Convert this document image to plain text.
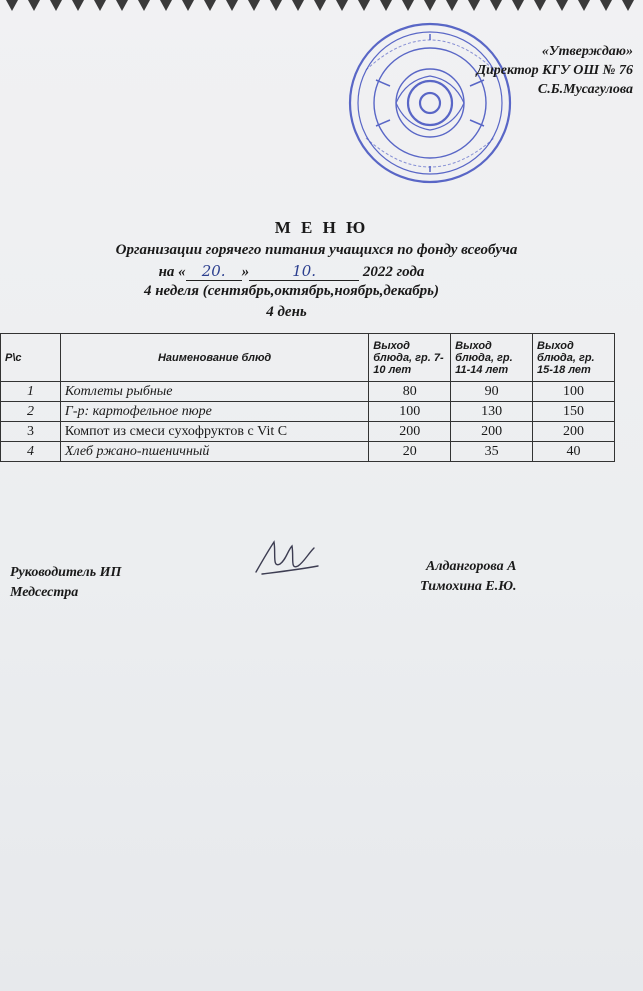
«Утверждаю»
Директор КГУ ОШ № 76
С.Б.Мусагулова
М Е Н Ю
Организации горячего питания учащихся по фонду всеобуча
на « 20. »	10.	2022 года
4 неделя (сентябрь,октябрь,ноябрь,декабрь)
4 день
Р\с	Наименование блюд	Выход блюда, гр. 7-10 лет	Выход блюда, гр. 11-14 лет	Выход блюда, гр. 15-18 лет
1	Котлеты рыбные	80	90	100
2	Г-р: картофельное пюре	100	130	150
3	Компот из смеси сухофруктов с Vit C	200	200	200
4	Хлеб ржано-пшеничный	20	35	40
Руководитель ИП
Медсестра
Алдангорова А
Тимохина Е.Ю.
